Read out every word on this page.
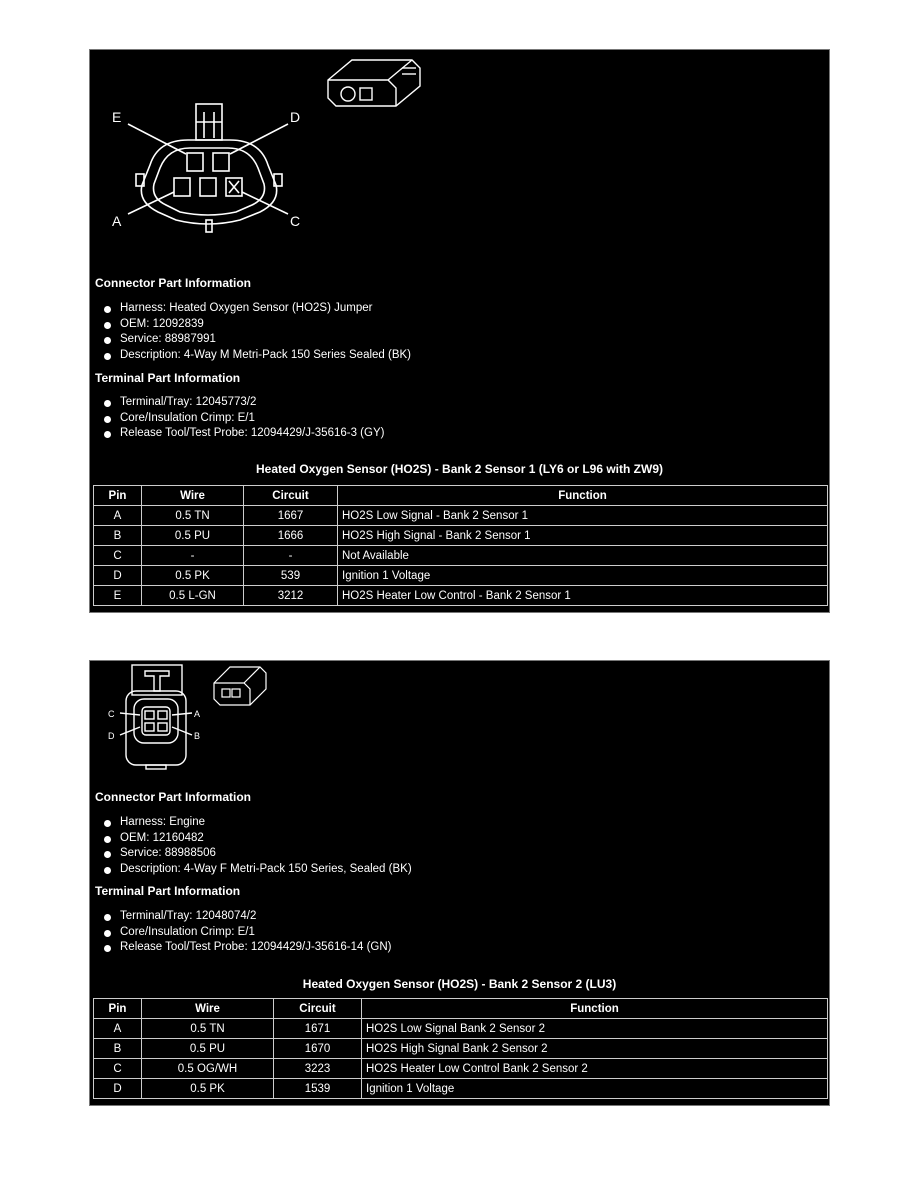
E	D
A	C
Connector Part Information
Harness: Heated Oxygen Sensor (HO2S) Jumper
OEM: 12092839
Service: 88987991
Description: 4-Way M Metri-Pack 150 Series Sealed (BK)
Terminal Part Information
Terminal/Tray: 12045773/2
Core/Insulation Crimp: E/1
Release Tool/Test Probe: 12094429/J-35616-3 (GY)
Heated Oxygen Sensor (HO2S) - Bank 2 Sensor 1 (LY6 or L96 with ZW9)
Pin	Wire	Circuit	Function
A	0.5 TN	1667	HO2S Low Signal - Bank 2 Sensor 1
B	0.5 PU	1666	HO2S High Signal - Bank 2 Sensor 1
C	-	-	Not Available
D	0.5 PK	539	Ignition 1 Voltage
E	0.5 L-GN	3212	HO2S Heater Low Control - Bank 2 Sensor 1
C	A
D	B
Connector Part Information
Harness: Engine
OEM: 12160482
Service: 88988506
Description: 4-Way F Metri-Pack 150 Series, Sealed (BK)
Terminal Part Information
Terminal/Tray: 12048074/2
Core/Insulation Crimp: E/1
Release Tool/Test Probe: 12094429/J-35616-14 (GN)
Heated Oxygen Sensor (HO2S) - Bank 2 Sensor 2 (LU3)
Pin	Wire	Circuit	Function
A	0.5 TN	1671	HO2S Low Signal Bank 2 Sensor 2
B	0.5 PU	1670	HO2S High Signal Bank 2 Sensor 2
C	0.5 OG/WH	3223	HO2S Heater Low Control Bank 2 Sensor 2
D	0.5 PK	1539	Ignition 1 Voltage
